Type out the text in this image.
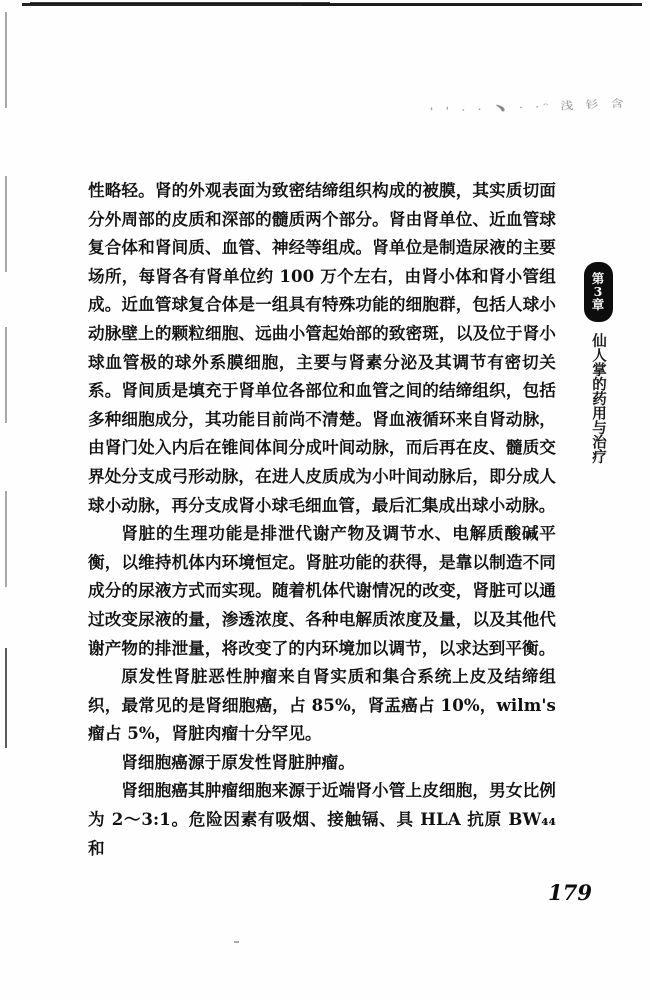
' ' · · ﹅ · ·ᵔ 浅 钐 含

性略轻。肾的外观表面为致密结缔组织构成的被膜，其实质切面分外周部的皮质和深部的髓质两个部分。肾由肾单位、近血管球复合体和肾间质、血管、神经等组成。肾单位是制造尿液的主要场所，每肾各有肾单位约 100 万个左右，由肾小体和肾小管组成。近血管球复合体是一组具有特殊功能的细胞群，包括人球小动脉壁上的颗粒细胞、远曲小管起始部的致密斑，以及位于肾小球血管极的球外系膜细胞，主要与肾素分泌及其调节有密切关系。肾间质是填充于肾单位各部位和血管之间的结缔组织，包括多种细胞成分，其功能目前尚不清楚。肾血液循环来自肾动脉，由肾门处入内后在锥间体间分成叶间动脉，而后再在皮、髓质交界处分支成弓形动脉，在进人皮质成为小叶间动脉后，即分成人球小动脉，再分支成肾小球毛细血管，最后汇集成出球小动脉。

肾脏的生理功能是排泄代谢产物及调节水、电解质酸碱平衡，以维持机体内环境恒定。肾脏功能的获得，是靠以制造不同成分的尿液方式而实现。随着机体代谢情况的改变，肾脏可以通过改变尿液的量，渗透浓度、各种电解质浓度及量，以及其他代谢产物的排泄量，将改变了的内环境加以调节，以求达到平衡。

原发性肾脏恶性肿瘤来自肾实质和集合系统上皮及结缔组织，最常见的是肾细胞癌，占 85%，肾盂癌占 10%，wilm's 瘤占 5%，肾脏肉瘤十分罕见。

肾细胞癌源于原发性肾脏肿瘤。

肾细胞癌其肿瘤细胞来源于近端肾小管上皮细胞，男女比例为 2～3:1。危险因素有吸烟、接触镉、具 HLA 抗原 BW₄₄和

第
3
章
仙人掌的药用与治疗
179
